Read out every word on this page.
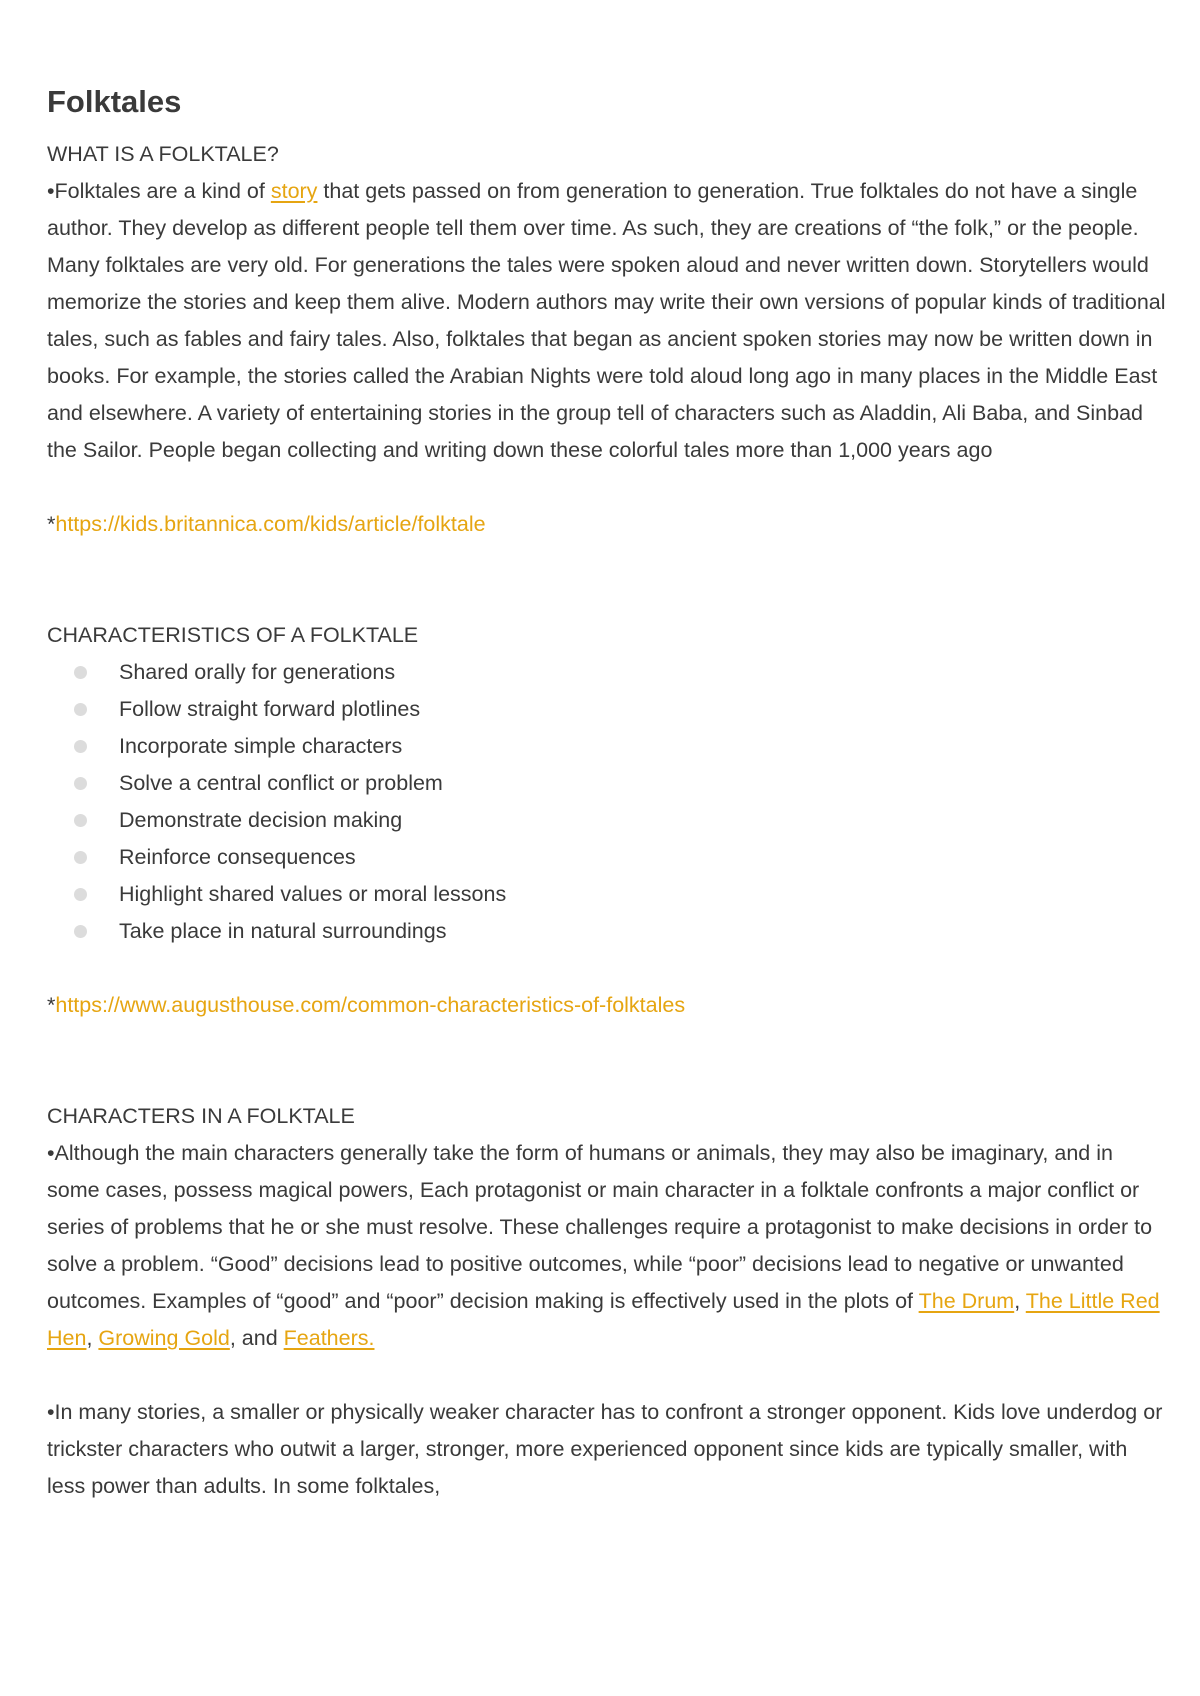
Folktales

WHAT IS A FOLKTALE?

•Folktales are a kind of story that gets passed on from generation to generation. True folktales do not have a single author. They develop as different people tell them over time. As such, they are creations of “the folk,” or the people. Many folktales are very old. For generations the tales were spoken aloud and never written down. Storytellers would memorize the stories and keep them alive. Modern authors may write their own versions of popular kinds of traditional tales, such as fables and fairy tales. Also, folktales that began as ancient spoken stories may now be written down in books. For example, the stories called the Arabian Nights were told aloud long ago in many places in the Middle East and elsewhere. A variety of entertaining stories in the group tell of characters such as Aladdin, Ali Baba, and Sinbad the Sailor. People began collecting and writing down these colorful tales more than 1,000 years ago

*https://kids.britannica.com/kids/article/folktale

CHARACTERISTICS OF A FOLKTALE

Shared orally for generations
Follow straight forward plotlines
Incorporate simple characters
Solve a central conflict or problem
Demonstrate decision making
Reinforce consequences
Highlight shared values or moral lessons
Take place in natural surroundings

*https://www.augusthouse.com/common-characteristics-of-folktales

CHARACTERS IN A FOLKTALE

•Although the main characters generally take the form of humans or animals, they may also be imaginary, and in some cases, possess magical powers, Each protagonist or main character in a folktale confronts a major conflict or series of problems that he or she must resolve. These challenges require a protagonist to make decisions in order to solve a problem. “Good” decisions lead to positive outcomes, while “poor” decisions lead to negative or unwanted outcomes. Examples of “good” and “poor” decision making is effectively used in the plots of The Drum, The Little Red Hen, Growing Gold, and Feathers.

•In many stories, a smaller or physically weaker character has to confront a stronger opponent. Kids love underdog or trickster characters who outwit a larger, stronger, more experienced opponent since kids are typically smaller, with less power than adults. In some folktales,
